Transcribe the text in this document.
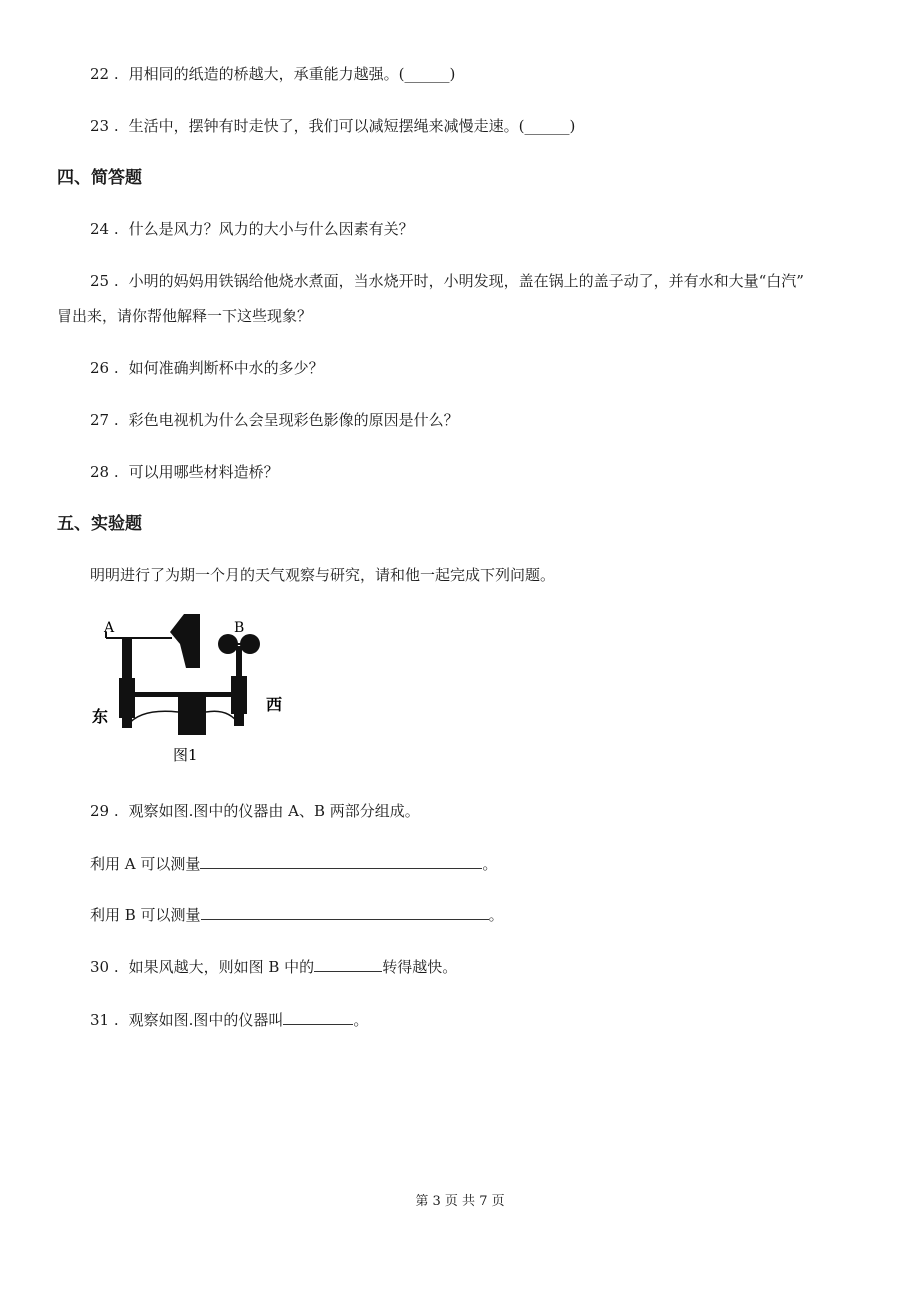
22 . 用相同的纸造的桥越大，承重能力越强。(______)
23 . 生活中，摆钟有时走快了，我们可以减短摆绳来减慢走速。(______)
四、简答题
24 . 什么是风力？风力的大小与什么因素有关？
25 . 小明的妈妈用铁锅给他烧水煮面，当水烧开时，小明发现，盖在锅上的盖子动了，并有水和大量“白汽”
冒出来，请你帮他解释一下这些现象？
26 . 如何准确判断杯中水的多少？
27 . 彩色电视机为什么会呈现彩色影像的原因是什么？
28 . 可以用哪些材料造桥？
五、实验题
明明进行了为期一个月的天气观察与研究，请和他一起完成下列问题。
A	B
东
西
图1
29 . 观察如图.图中的仪器由 A、B 两部分组成。
利用 A 可以测量	。
利用 B 可以测量	。
30 . 如果风越大，则如图 B 中的	转得越快。
31 . 观察如图.图中的仪器叫	。
第 3 页 共 7 页
